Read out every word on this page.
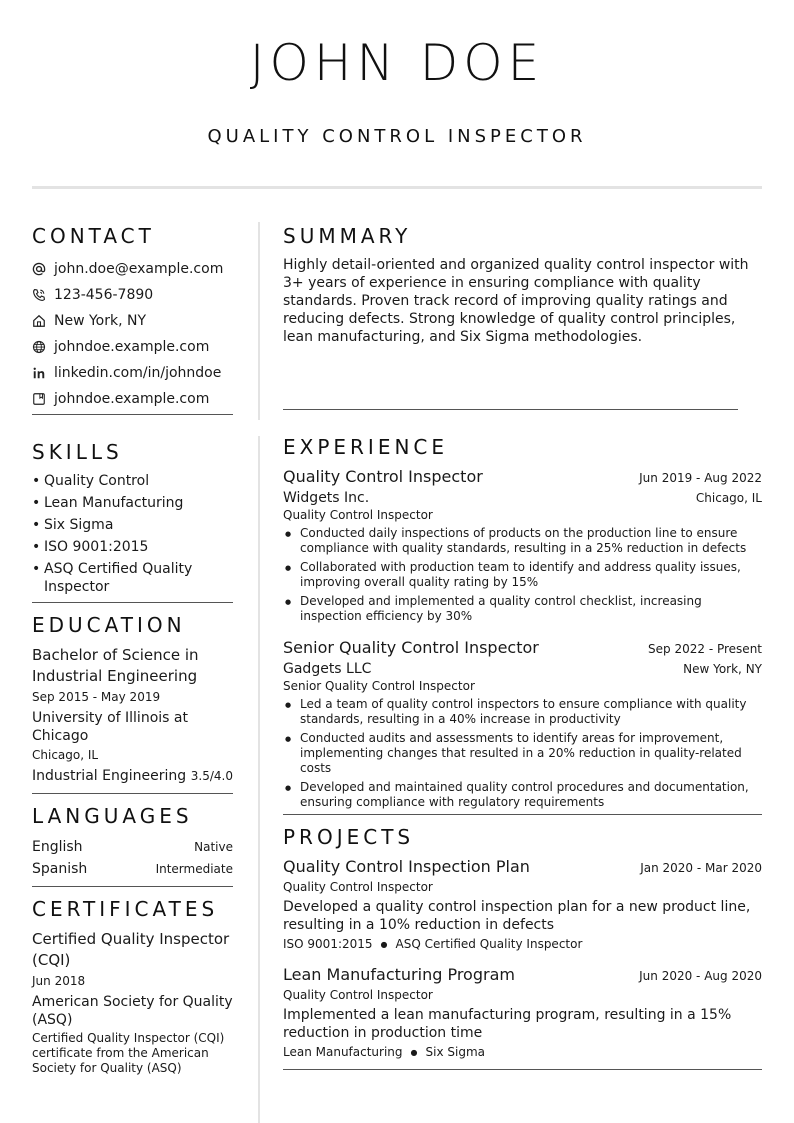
JOHN DOE
QUALITY CONTROL INSPECTOR
CONTACT
john.doe@example.com
123-456-7890
New York, NY
johndoe.example.com
linkedin.com/in/johndoe
johndoe.example.com
SKILLS
• Quality Control
• Lean Manufacturing
• Six Sigma
• ISO 9001:2015
• ASQ Certified Quality Inspector
EDUCATION
Bachelor of Science in Industrial Engineering
Sep 2015 - May 2019
University of Illinois at Chicago
Chicago, IL
Industrial Engineering 3.5/4.0
LANGUAGES
English	Native
Spanish	Intermediate
CERTIFICATES
Certified Quality Inspector (CQI)
Jun 2018
American Society for Quality (ASQ)
Certified Quality Inspector (CQI) certificate from the American Society for Quality (ASQ)
SUMMARY
Highly detail-oriented and organized quality control inspector with 3+ years of experience in ensuring compliance with quality standards. Proven track record of improving quality ratings and reducing defects. Strong knowledge of quality control principles, lean manufacturing, and Six Sigma methodologies.
EXPERIENCE
Quality Control Inspector	Jun 2019 - Aug 2022
Widgets Inc.	Chicago, IL
Quality Control Inspector
● Conducted daily inspections of products on the production line to ensure compliance with quality standards, resulting in a 25% reduction in defects
● Collaborated with production team to identify and address quality issues, improving overall quality rating by 15%
● Developed and implemented a quality control checklist, increasing inspection efficiency by 30%
Senior Quality Control Inspector	Sep 2022 - Present
Gadgets LLC	New York, NY
Senior Quality Control Inspector
● Led a team of quality control inspectors to ensure compliance with quality standards, resulting in a 40% increase in productivity
● Conducted audits and assessments to identify areas for improvement, implementing changes that resulted in a 20% reduction in quality-related costs
● Developed and maintained quality control procedures and documentation, ensuring compliance with regulatory requirements
PROJECTS
Quality Control Inspection Plan	Jan 2020 - Mar 2020
Quality Control Inspector
Developed a quality control inspection plan for a new product line, resulting in a 10% reduction in defects
ISO 9001:2015 ● ASQ Certified Quality Inspector
Lean Manufacturing Program	Jun 2020 - Aug 2020
Quality Control Inspector
Implemented a lean manufacturing program, resulting in a 15% reduction in production time
Lean Manufacturing ● Six Sigma
